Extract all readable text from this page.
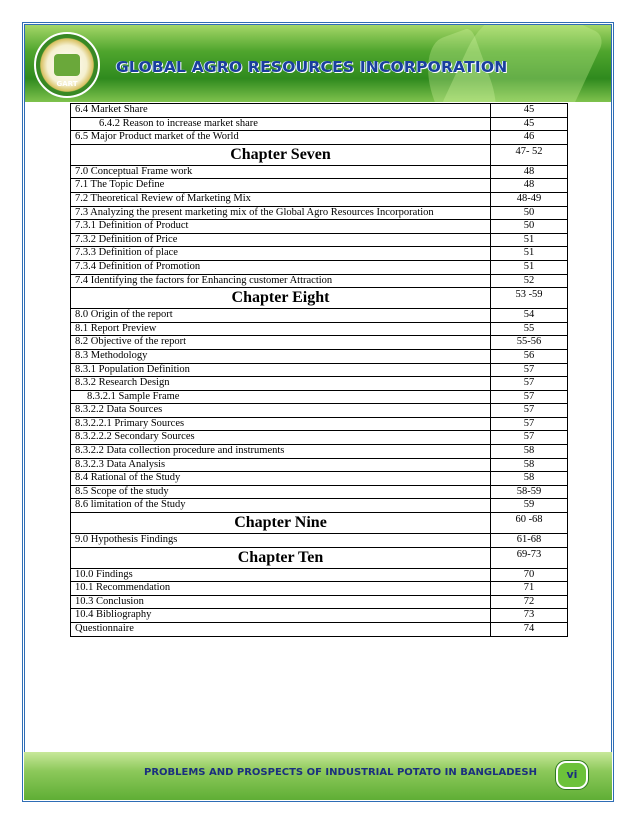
GART
GLOBAL AGRO RESOURCES INCORPORATION
6.4 Market Share	45
6.4.2 Reason to increase market share	45
6.5 Major Product market of the World	46
Chapter Seven	47- 52
7.0 Conceptual Frame work	48
7.1 The Topic Define	48
7.2 Theoretical Review of Marketing Mix	48-49
7.3 Analyzing the present marketing mix of the Global Agro Resources Incorporation	50
7.3.1 Definition of Product	50
7.3.2 Definition of Price	51
7.3.3 Definition of place	51
7.3.4 Definition of Promotion	51
7.4 Identifying the factors for Enhancing customer Attraction	52
Chapter Eight	53 -59
8.0 Origin of the report	54
8.1 Report Preview	55
8.2 Objective of the report	55-56
8.3 Methodology	56
8.3.1 Population Definition	57
8.3.2 Research Design	57
8.3.2.1 Sample Frame	57
8.3.2.2 Data Sources	57
8.3.2.2.1 Primary Sources	57
8.3.2.2.2 Secondary Sources	57
8.3.2.2 Data collection procedure and instruments	58
8.3.2.3 Data Analysis	58
8.4 Rational of the Study	58
8.5 Scope of the study	58-59
8.6 limitation of the Study	59
Chapter Nine	60 -68
9.0 Hypothesis Findings	61-68
Chapter Ten	69-73
10.0 Findings	70
10.1 Recommendation	71
10.3 Conclusion	72
10.4 Bibliography	73
Questionnaire	74
PROBLEMS AND PROSPECTS OF INDUSTRIAL POTATO IN BANGLADESH	vi
